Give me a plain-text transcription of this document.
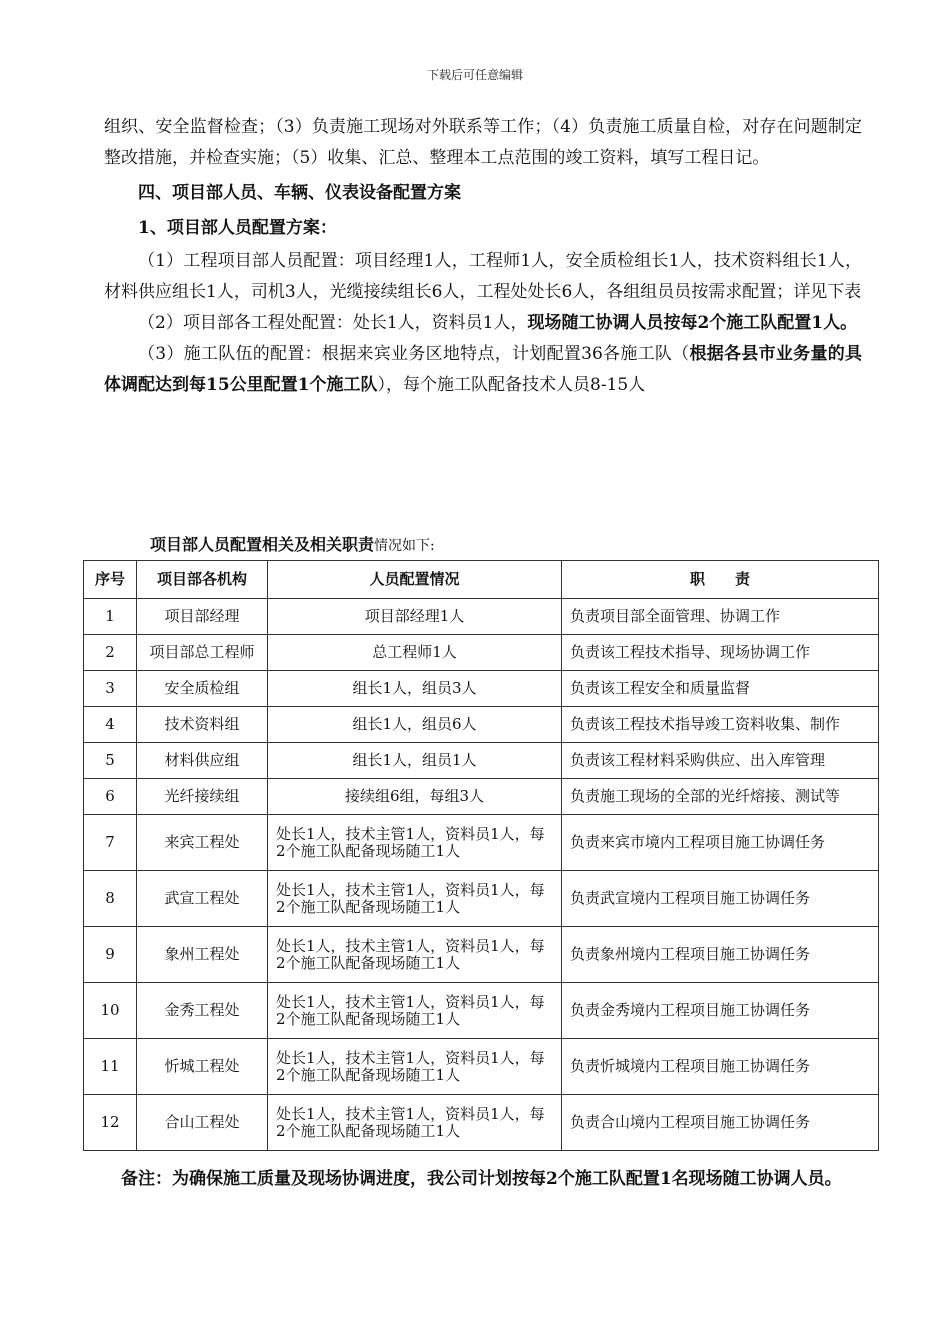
下载后可任意编辑

组织、安全监督检查；（3）负责施工现场对外联系等工作；（4）负责施工质量自检，对存在问题制定整改措施，并检查实施；（5）收集、汇总、整理本工点范围的竣工资料，填写工程日记。

四、项目部人员、车辆、仪表设备配置方案

1、项目部人员配置方案：

（1）工程项目部人员配置：项目经理1人，工程师1人，安全质检组长1人，技术资料组长1人，材料供应组长1人，司机3人，光缆接续组长6人，工程处处长6人，各组组员员按需求配置；详见下表

（2）项目部各工程处配置：处长1人，资料员1人，现场随工协调人员按每2个施工队配置1人。

（3）施工队伍的配置：根据来宾业务区地特点，计划配置36各施工队（根据各县市业务量的具体调配达到每15公里配置1个施工队），每个施工队配备技术人员8-15人

项目部人员配置相关及相关职责情况如下:
序号	项目部各机构	人员配置情况	职　　责
1	项目部经理	项目部经理1人	负责项目部全面管理、协调工作
2	项目部总工程师	总工程师1人	负责该工程技术指导、现场协调工作
3	安全质检组	组长1人，组员3人	负责该工程安全和质量监督
4	技术资料组	组长1人，组员6人	负责该工程技术指导竣工资料收集、制作
5	材料供应组	组长1人，组员1人	负责该工程材料采购供应、出入库管理
6	光纤接续组	接续组6组，每组3人	负责施工现场的全部的光纤熔接、测试等
7	来宾工程处	处长1人，技术主管1人，资料员1人，每2个施工队配备现场随工1人	负责来宾市境内工程项目施工协调任务
8	武宣工程处	处长1人，技术主管1人，资料员1人，每2个施工队配备现场随工1人	负责武宣境内工程项目施工协调任务
9	象州工程处	处长1人，技术主管1人，资料员1人，每2个施工队配备现场随工1人	负责象州境内工程项目施工协调任务
10	金秀工程处	处长1人，技术主管1人，资料员1人，每2个施工队配备现场随工1人	负责金秀境内工程项目施工协调任务
11	忻城工程处	处长1人，技术主管1人，资料员1人，每2个施工队配备现场随工1人	负责忻城境内工程项目施工协调任务
12	合山工程处	处长1人，技术主管1人，资料员1人，每2个施工队配备现场随工1人	负责合山境内工程项目施工协调任务

备注：为确保施工质量及现场协调进度，我公司计划按每2个施工队配置1名现场随工协调人员。
